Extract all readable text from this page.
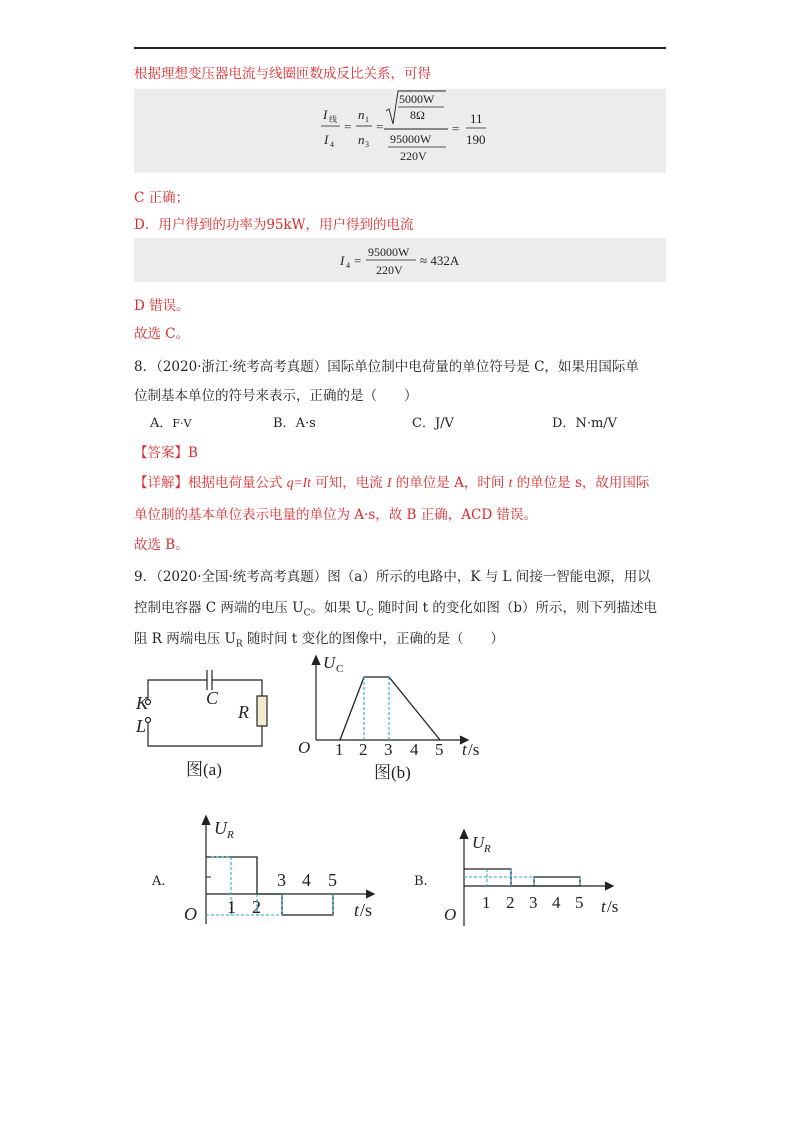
根据理想变压器电流与线圈匝数成反比关系，可得
I 线
I 4
=
n 1
n 3
=
5000W
8Ω
95000W
220V
=
11
190
C 正确；
D．用户得到的功率为95kW，用户得到的电流
I 4 =
95000W
220V
≈ 432A
D 错误。
故选 C。
8．（2020·浙江·统考高考真题）国际单位制中电荷量的单位符号是 C，如果用国际单
位制基本单位的符号来表示，正确的是（　　）
A．F·V	B．A·s	C．J/V	D．N·m/V
【答案】B
【详解】根据电荷量公式 q=It 可知，电流 I 的单位是 A，时间 t 的单位是 s，故用国际
单位制的基本单位表示电量的单位为 A·s，故 B 正确，ACD 错误。
故选 B。
9．（2020·全国·统考高考真题）图（a）所示的电路中，K 与 L 间接一智能电源，用以
控制电容器 C 两端的电压 $U_C$。如果 $U_C$ 随时间 t 的变化如图（b）所示，则下列描述电
阻 R 两端电压 $U_R$ 随时间 t 变化的图像中，正确的是（　　）
K
L
C
R
图(a)
U C
O 1 2 3 4 5 t /s
图(b)
A.
U R
O 1 2
3 4 5
t /s
B.
U R
O
1 2 3 4 5 t /s
